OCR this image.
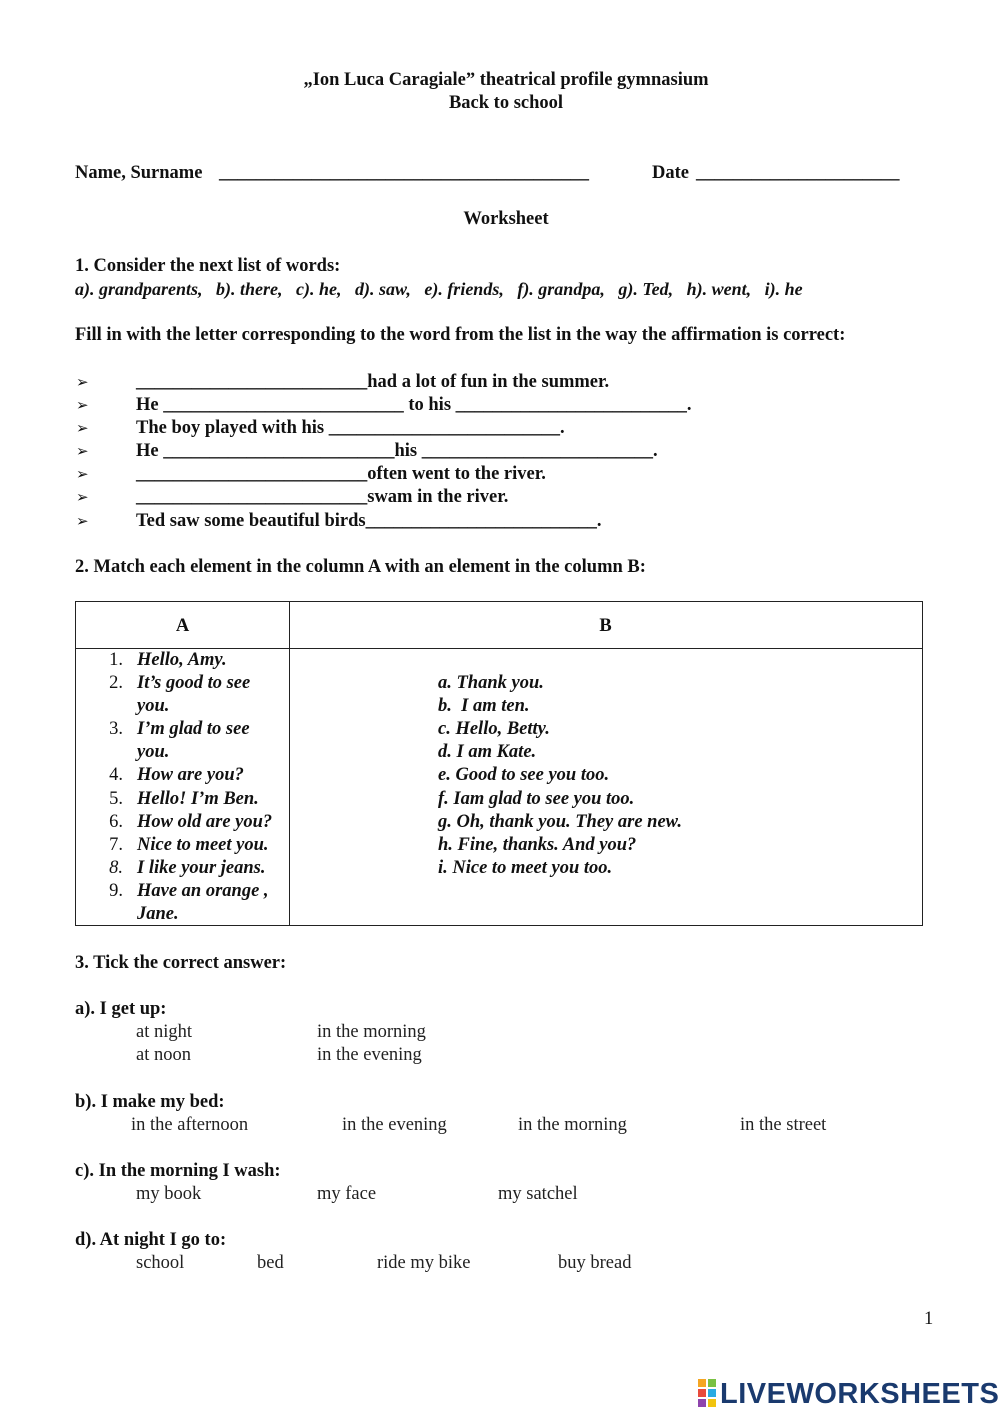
„Ion Luca Caragiale” theatrical profile gymnasium
Back to school
Name, Surname ________________________________________	Date ______________________
Worksheet
1. Consider the next list of words:
a). grandparents,   b). there,   c). he,   d). saw,   e). friends,   f). grandpa,   g). Ted,   h). went,   i). he
Fill in with the letter corresponding to the word from the list in the way the affirmation is correct:
➢	_________________________had a lot of fun in the summer.
➢	He __________________________ to his _________________________.
➢	The boy played with his _________________________.
➢	He _________________________his _________________________.
➢	_________________________often went to the river.
➢	_________________________swam in the river.
➢	Ted saw some beautiful birds_________________________.
2. Match each element in the column A with an element in the column B:
A	B
1. Hello, Amy.
2. It’s good to see
you.
3. I’m glad to see
you.
4. How are you?
5. Hello! I’m Ben.
6. How old are you?
7. Nice to meet you.
8. I like your jeans.
9. Have an orange ,
Jane.
a. Thank you.
b.  I am ten.
c. Hello, Betty.
d. I am Kate.
e. Good to see you too.
f. Iam glad to see you too.
g. Oh, thank you. They are new.
h. Fine, thanks. And you?
i. Nice to meet you too.
3. Tick the correct answer:
a). I get up:
at night	in the morning
at noon	in the evening
b). I make my bed:
in the afternoon	in the evening	in the morning	in the street
c). In the morning I wash:
my book	my face	my satchel
d). At night I go to:
school	bed	ride my bike	buy bread
1
LIVEWORKSHEETS
